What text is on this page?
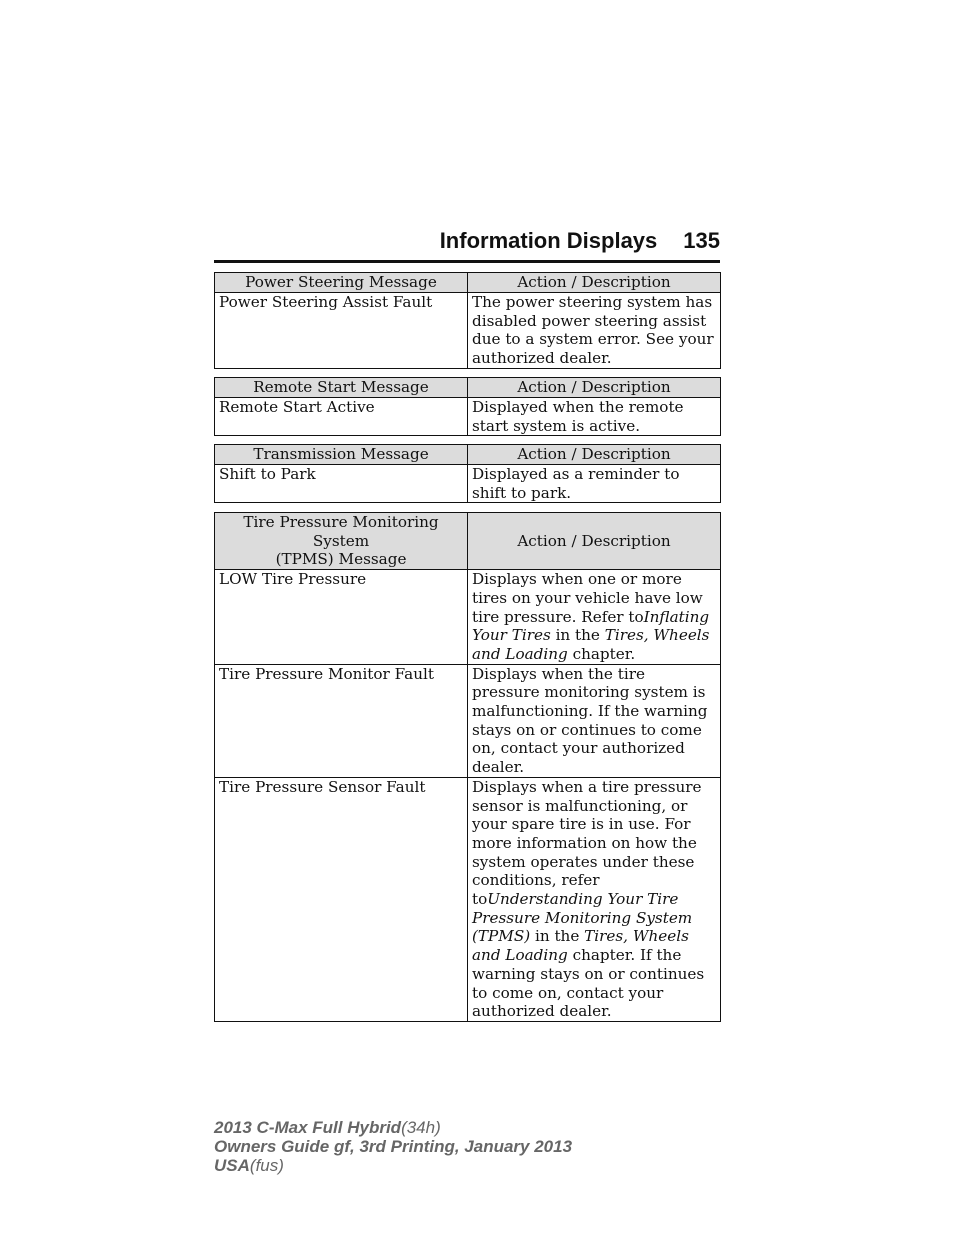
Information Displays 135
Power Steering Message	Action / Description
Power Steering Assist Fault	The power steering system has disabled power steering assist due to a system error. See your authorized dealer.
Remote Start Message	Action / Description
Remote Start Active	Displayed when the remote start system is active.
Transmission Message	Action / Description
Shift to Park	Displayed as a reminder to shift to park.
Tire Pressure Monitoring System
(TPMS) Message	Action / Description
LOW Tire Pressure	Displays when one or more tires on your vehicle have low tire pressure. Refer toInflating Your Tires in the Tires, Wheels and Loading chapter.
Tire Pressure Monitor Fault	Displays when the tire pressure monitoring system is malfunctioning. If the warning stays on or continues to come on, contact your authorized dealer.
Tire Pressure Sensor Fault	Displays when a tire pressure sensor is malfunctioning, or your spare tire is in use. For more information on how the system operates under these conditions, refer toUnderstanding Your Tire Pressure Monitoring System (TPMS) in the Tires, Wheels and Loading chapter. If the warning stays on or continues to come on, contact your authorized dealer.
2013 C-Max Full Hybrid(34h)
Owners Guide gf, 3rd Printing, January 2013
USA(fus)
